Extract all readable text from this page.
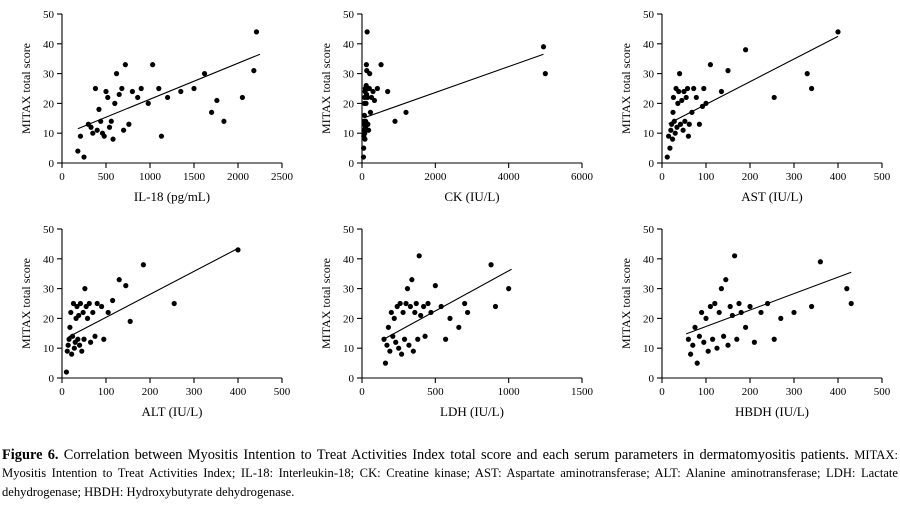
0	500 1000 1500 2000 2500
0
10
20
30
40
50
IL-18 (pg/mL)
MITAX total score
0	2000	4000	6000
0
10
20
30
40
50
CK (IU/L)
MITAX total score
0	100	200	300	400	500
0
10
20
30
40
50
AST (IU/L)
MITAX total score
0	100	200	300	400	500
0
10
20
30
40
50
ALT (IU/L)
MITAX total score
0	500	1000	1500
0
10
20
30
40
50
LDH (IU/L)
MITAX total score
0	100	200	300	400	500
0
10
20
30
40
50
HBDH (IU/L)
MITAX total score
Figure 6. Correlation between Myositis Intention to Treat Activities Index total score and each serum parameters in dermatomyositis patients. MITAX: Myositis Intention to Treat Activities Index; IL-18: Interleukin-18; CK: Creatine kinase; AST: Aspartate aminotransferase; ALT: Alanine aminotransferase; LDH: Lactate dehydrogenase; HBDH: Hydroxybutyrate dehydrogenase.
